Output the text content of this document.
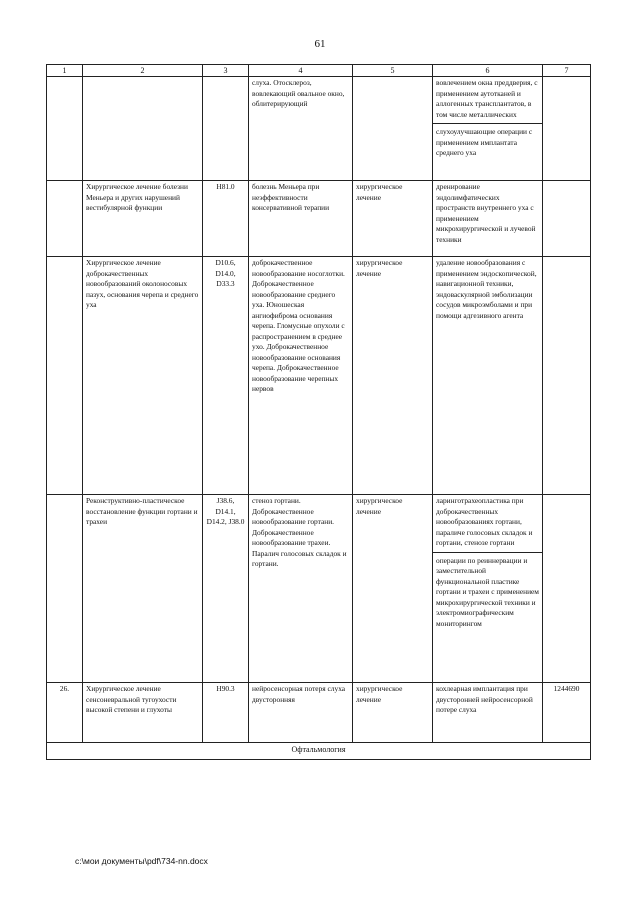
61
1	2	3	4	5	6	7
			слуха. Отосклероз, вовлекающий овальное окно, облитерирующий		вовлечением окна преддверия, с применением аутотканей и аллогенных трансплантатов, в том числе металлических
слухоулучшающие операции с применением имплантата среднего уха	

	Хирургическое лечение болезни Меньера и других нарушений вестибулярной функции	H81.0	болезнь Меньера при неэффективности консервативной терапии	хирургическое лечение	дренирование эндолимфатических пространств внутреннего уха с применением микрохирургической и лучевой техники	

	Хирургическое лечение доброкачественных новообразований околоносовых пазух, основания черепа и среднего уха	D10.6, D14.0, D33.3	доброкачественное новообразование носоглотки. Доброкачественное новообразование среднего уха. Юношеская ангиофиброма основания черепа. Гломусные опухоли с распространением в среднее ухо. Доброкачественное новообразование основания черепа. Доброкачественное новообразование черепных нервов	хирургическое лечение	удаление новообразования с применением эндоскопической, навигационной техники, эндоваскулярной эмболизации сосудов микроэмболами и при помощи адгезивного агента	

	Реконструктивно-пластическое восстановление функции гортани и трахеи	J38.6, D14.1, D14.2, J38.0	стеноз гортани. Доброкачественное новообразование гортани. Доброкачественное новообразование трахеи. Паралич голосовых складок и гортани.	хирургическое лечение	ларинготрахеопластика при доброкачественных новообразованиях гортани, параличе голосовых складок и гортани, стенозе гортани
операции по реиннервации и заместительной функциональной пластике гортани и трахеи с применением микрохирургической техники и электромиографическим мониторингом	

26.	Хирургическое лечение сенсоневральной тугоухости высокой степени и глухоты	H90.3	нейросенсорная потеря слуха двусторонняя	хирургическое лечение	кохлеарная имплантация при двусторонней нейросенсорной потере слуха	1244690
Офтальмология						
c:\мои документы\pdf\734-nn.docx
